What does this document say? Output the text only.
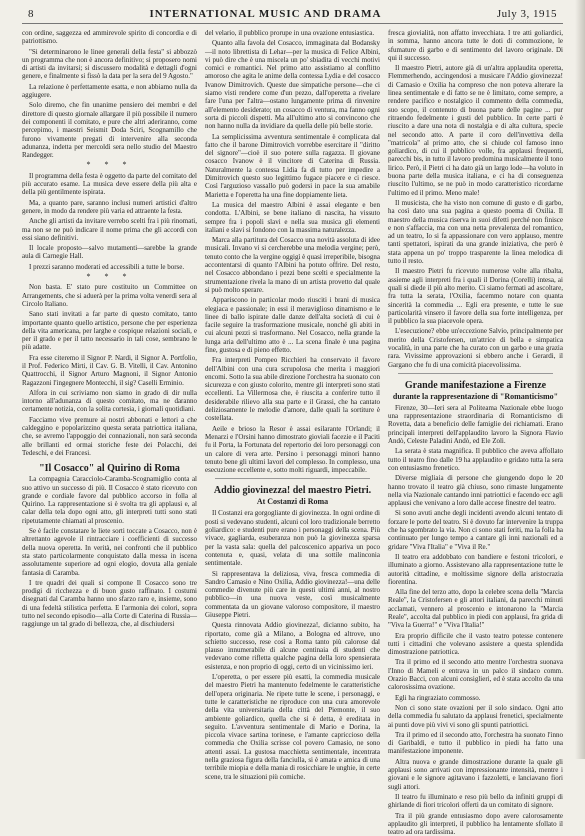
8	INTERNATIONAL MUSIC AND DRAMA	July 3, 1915

con ordine, saggezza ed ammirevole spirito di concordia e di patriottismo.

"Si determinarono le linee generali della festa" si abbozzò un programma che non è ancora definitivo; si proposero nomi di artisti da invitarsi; si discussero modalità e dettagli d'ogni genere, e finalmente si fissò la data per la sera del 9 Agosto."

La relazione è perfettamente esatta, e non abbiamo nulla da aggiugere.

Solo diremo, che fin unanime pensiero dei membri e del direttore di questo giornale allargare il più possibile il numero dei componenti il comitato, e pure che altri aderiranno, come percepimo, i maestri Seismit Doda Sciri, Scognamillo che furono vivamente pregati di intervenire alla seconda adunanza, indetta per mercoldì sera nello studio del Maestro Randegger.

* * *

Il programma della festa è oggetto da parte del comitato del più accurato esame. La musica deve essere della più alta e della più gentilmente ispirata.

Ma, a quanto pare, saranno inclusi numeri artistici d'altro genere, in modo da rendere più varia ed attraente la festa.

Anche gli artisti da invitare verrebo scelti fra i più rinomati, ma non se ne può indicare il nome prima che gli accordi con essi siano definitivi.

Il locale proposto—salvo mutamenti—sarebbe la grande aula di Carnegie Hall.

I prezzi saranno moderati ed accessibili a tutte le borse.

* * *

Non basta. E' stato pure costituito un Committee on Arrangements, che si aduerà per la prima volta venerdì sera al Circolo Italiano.

Sano stati invitati a far parte di questo comitato, tanto importante quanto quello artistico, persone che per esperienza della vita americana, per larghe e cospique relazioni sociali, e per il grado e per il tatto necessario in tali cose, sembrano le più adatte.

Fra esse citeremo il Signor P. Nardi, il Signor A. Portfolio, il Prof. Federico Mirti, il Cav. G. B. Vitelli, il Cav. Antonino Quattrocchi, il Signor Arturo Magnoni, il Signor Antonio Ragazzoni l'ingegnere Montecchi, il sig? Caselli Erminio.

Alfora in cui scriviamo non siamo in grado di dir nulla intorno all'adunanza di questo comitato, ma ne daranno certamente notizia, con la solita cortesia, i giornali quotidiani.

Facciamo vive premure ai nostri abbonati e lettori a che caldeggino e popolarizzino questa serata patriottica italiana, che, se avremo l'appoggio dei connazionali, non sarà seconda alle brillanti ed ormai storiche feste dei Polacchi, dei Tedeschi, e dei Francesi.

"Il Cosacco" al Quirino di Roma

La compagnia Caracciolo-Caramba-Scognamiglio conta al suo attivo un successo di più. Il Cosacco è stato ricevuto con grande e cordiale favore dal pubblico accorso in folla al Quirino. La rappresentazione si è svolta tra gli applausi e, al calar della tela dopo ogni atto, gli interpreti tutti sono stati ripetutamente chiamati al proscenio.

Se è facile constatare le liete sorti toccate a Cosacco, non è altrettanto agevole il rintracciare i coefficienti di successo della nuova operetta. In verità, nei confronti che il pubblico sta stato particolarmente conquistato dalla messa in iscena assolutamente superiore ad ogni elogio, dovuta alla geniale fantasia di Caramba.

I tre quadri dei quali si compone Il Cosacco sono tre prodigi di ricchezza e di buon gusto raffinato. I costumi disegnati dal Caramba hanno uno sfarzo raro e, insieme, sono di una fedeltà stilistica perfetta. E l'armonia dei colori, sopra tutto nel secondo episodio—alla Corte di Caterina di Russia—raggiunge un tal grado di bellezza, che, al dischiudersi

del velario, il pubblico prorupe in una ovazione entusiastica.

Quanto alla favola del Cosacco, immaginata dal Bodansky—il noto librettista di Lehar—per la musica di Felice Albini, vi può dire che è una miscela un po' sbiadita di vecchi motivi comici e romantici. Nel primo atto assistiamo al conflitto amoroso che agita le anime della contessa Lydia e del cosacco Ivanow Dimitrovich. Queste due simpatiche persone—che ci siamo visti rendere come d'un pezzo, dall'operetta a rivelare fare l'una per l'altra—ostano lungamente prima di rinvenire all'elemento desiderato; un cosacco di ventura, ma fanno ogni sorta di piccoli dispetti. Ma all'ultimo atto si convincono che non hanno nulla da invidiare da quella delle più belle storie.

La semplicissima avventura sentimentale è complicata dal fatto che il barone Dimitrovich vorrebbe esercitare il "diritto del signore"—cioè il suo potere sulla ragazza. Il giovane cosacco Ivanow è il vincitore di Caterina di Russia. Naturalmente la contessa Lidia fa di tutto per impedire a Dimitrovich questo suo legittimo fugace piacere e ci riesce. Così l'arguzioso vassallo può godersi in pace la sua amabile Marietta e l'operetta ha una fine doppiamente lieta.

La musica del maestro Albini è assai elegante e ben condotta. L'Albini, se bene italiano di nascita, ha vissuto sempre fra i popoli slavi e nella sua musica gli elementi italiani e slavi si fondono con la massima naturalezza.

Marca alla partitura del Cosacco una novità assoluta di idee musicali. Invano vi si cercherebbe una melodia vergine; però, tenuto conto che la vergine oggigì è quasi irreperibile, bisogna accontentarsi di quanto l'Albini ha potuto offrire. Del resto, nel Cosacco abbondano i pezzi bene scelti e specialmente la strumentazione rivela la mano di un artista provetto dal quale si può molto sperare.

Appariscono in particolar modo riusciti i brani di musica elegiaca e passionale; in essi il meraviglioso dinamismo e le linee di ballo ispirate dalle danze dell'alta società di cui è facile seguire la trasformazione musicale, nonché gli abiti in cui alcuni pezzi si trasformano. Nel Cosacco, nella grande la lunga aria dell'ultimo atto è ... La scena finale è una pagina fine, gustosa e di pieno effetto.

Fra interpreti Pompeo Ricchieri ha conservato il favore dell'Albini con una cura scrupolosa che merita i maggiori encomi. Sotto la sua abile direzione l'orchestra ha suonato con sicurezza e con giusto colorito, mentre gli interpreti sono stati eccellenti. La Villermosa che, è riuscita a conferire tutto il desiderabile rilievo alla sua parte e il Grassi, che ha cantato deliziosamente le melodie d'amore, dalle quali la sortiture è costellata.

Aeile e brioso la Resor è assai esilarante l'Orlandi; il Menarzi e l'Orsini hanno dimostrato gioviali facezie e il Paciti fu il Porta, la Fortunata del repertorio dei loro personaggi con un calore di vera arte. Persino i personaggi minori hanno tenuto bene gli ultimi lavori del complesso. In complesso, una esecuzione eccellente e, sotto molti riguardi, impeccabile.

Addio giovinezza! del maestro Pietri.
At Costanzi di Roma

Il Costanzi era gorgogliante di giovinezza. In ogni ordine di posti si vedevano studenti, alcuni col loro tradizionale berretto goliardico: e studenti pure erano i personaggi della scena. Più vivace, gagliarda, esuberanza non può la giovinezza sparsa per la vasta sala: quella del palcoscenico appariva un poco contenuta e, quasi, velata di una sottile malinconia sentimentale.

Si rappresentava la deliziosa, viva, fresca commedia di Sandro Camasio e Nino Oxilia, Addio giovinezza!—una delle commedie divenute più care in questi ultimi anni, al nostro pubblico—in una nuova veste, così musicalmente commentata da un giovane valoroso compositore, il maestro Giuseppe Pietri.

Questa rinnovata Addio giovinezza!, dicianno subito, ha riportato, come già a Milano, a Bologna ed altrove, uno schietto successo, rese così a Roma tanto più calorose dal plauso innumerabile di alcune centinaia di studenti che vedevano come rifletta qualche pagina della loro spensierata esistenza, e non proprio di oggi, certo di un vicinissimo ieri.

L'operetta, o per essere più esatti, la commedia musicale del maestro Pietri ha mantenuto fedelmente le caratteristiche dell'opera originaria. Ne ripete tutte le scene, i personaggi, e tutte le caratteristiche ne riproduce con una cura amorevole della vita universitaria della città del Piemonte, il suo ambiente goliardico, quella che si è detta, è ereditata in seguito. L'avventura sentimentale di Mario e Dorina, la piccola vivace sartina torinese, e l'amante capriccioso della commedia che Oxilia scrisse col povero Camasio, ne sono attenti assai. La gustosa macchietta sentimentale, incentrata nella graziosa figura della fanciulla, si è amata e amica di una terribile miopia e della mania di rosicchiare le unghie, in certe scene, tra le situazioni più comiche.

fresca giovialità, non affatto invecchiata. I tre atti goliardici, in somma, hanno ancora tutte le doti di commozione, le sfumature di garbo e di sentimento del lavoro originale. Di qui il successo.

Il maestro Pietri, autore già di un'altra applaudita operetta, Flemmerhendo, accingendosi a musicare l'Addio giovinezza! di Camasio e Oxilia ha compreso che non poteva alterare la linea sentimentale e di fatto se ne è limitato, come sempre, a rendere pacifico e nostalgico il commento della commedia, suo scopo, il contenuto di buona parte delle pagine ... pur ritraendo fedelmente i gusti del pubblico. In certe parti è riuscito a dare una nota di nostalgia e di alta cultura, specie nel secondo atto. A parte il coro dell'invettiva della "matricola" al primo atto, che si chiude col famoso inno goliardico, di cui il pubblico volle, fra applausi frequenti, parecchi bis, in tutto il lavoro predomina musicalmente il tono lirico. Però, il Pietri ci ha dato già un largo lode—ha voluto in buona parte della musica italiana, e ci ha di conseguenza riuscito l'ultimo, se ne può in modo caratteristico ricordarne l'ultimo ed il primo. Meno male!

Il musicista, che ha visto non comune di gusto e di garbo, ha così dato una sua pagina a questo poema di Oxilia. Il maestro della musica riserva in suoi difetti perché non finisce e non s'affaccia, ma con una netta prevalenza del romantico, ad un teatro, Io si fa appassionare con vero applauso, mentre tanti spettatori, ispirati da una grande iniziativa, che però è stata appena un po' troppo trasparente la linea melodica di tutto il resto.

Il maestro Pietri fu ricevuto numerose volte alla ribalta, assieme agli interpreti fra i quali il Dorina (Corelli) intesa, ai quali si diede il più alto merito. Ci siamo fermati ad ascoltare, fra tutta la serata, l'Oxilia, facemmo notare con quanta sincerità la commedia ... Egli era presente, e tutte le sue particolarità vinsero il favore della sua forte intelligenza, per il pubblico la sua piacevole opera.

L'esecuzione? ebbe un'eccezione Salvio, principalmente per merito della Cristofersen, un'attrice di bella e simpatica vocalità, in una parte che ha curato con un garbo e una grazia rara. Vivissime approvazioni si ebbero anche i Gerardi, il Gargano che fu di una comicità piacevolissima.

Grande manifestazione a Firenze
durante la rappresentazione di "Romanticismo"

Firenze, 30—Ieri sera al Politeama Nazionale ebbe luogo una rappresentazione straordinaria di Romanticismo di Rovetta, data a beneficio delle famiglie dei richiamati. Erano principali interpreti dell'applaudito lavoro la Signora Flavio Andò, Celeste Paladini Andò, ed Ele Zoli.

La serata è stata magnifica. Il pubblico che aveva affollato tutto il teatro fino dalle 19 ha applaudito e gridato tutta la sera con entusiasmo frenetico.

Diverse migliaia di persone che giungendo dopo le 20 hanno trovato il teatro già chiuso, sono rimaste lungamente nella via Nazionale cantando inni patriottici e facendo ecc agli applausi che venivano a loro dalle accese finestre del teatro.

Si sono avuti anche degli incidenti avendo alcuni tentato di forzare le porte del teatro. Si è dovuto far intervenire la truppa che ha sgombrato la via. Non ci sono stati feriti, ma la folla ha continuato per lungo tempo a cantare gli inni nazionali ed a gridare "Viva l'Italia" e "Viva il Re."

Il teatro era addobbato con bandiere e festoni tricolori, e illuminato a giorno. Assistevano alla rappresentazione tutte le autorità cittadine, e moltissime signore della aristocrazia fiorentina.

Alla fine del terzo atto, dopo la celebre scena della "Marcia Reale", la Cristofersen e gli attori italiani, da parecchi minuti acclamati, vennero al proscenio e intonarono la "Marcia Reale", accolta dal pubblico in piedi con applausi, fra grida di "Viva la Guerra!" e "Viva l'Italia!"

Era proprio difficile che il vasto teatro potesse contenere tutti i cittadini che volevano assistere a questa splendida dimostrazione patriottica.

Tra il primo ed il secondo atto mentre l'orchestra suonava l'Inno di Mameli e entrava in un palco il sindaco comm. Orazio Bacci, con alcuni consiglieri, ed è stata accolto da una calorosissima ovazione.

Egli ha ringraziato commosso.

Non ci sono state ovazioni per il solo sindaco. Ogni atto della commedia fu salutato da applausi frenetici, specialmente ai punti dove più vivi vi sono gli spunti patriottici.

Tra il primo ed il secondo atto, l'orchestra ha suonato l'inno di Garibaldi, e tutto il pubblico in piedi ha fatto una manifestazione imponente.

Altra nuova e grande dimostrazione durante la quale gli applausi sono arrivati con impressionante intensità, mentre i giovani e le signore agitavano i fazzoletti, e lanciavano fiori sugli attori.

Il teatro fu illuminato e reso più bello da infiniti gruppi di ghirlande di fiori tricolori offerti da un comitato di signore.

Tra il più grande entusiasmo dopo avere calorosamente applaudito gli interpreti, il pubblico ha lentamente sfollato il teatro ad ora tardissima.
